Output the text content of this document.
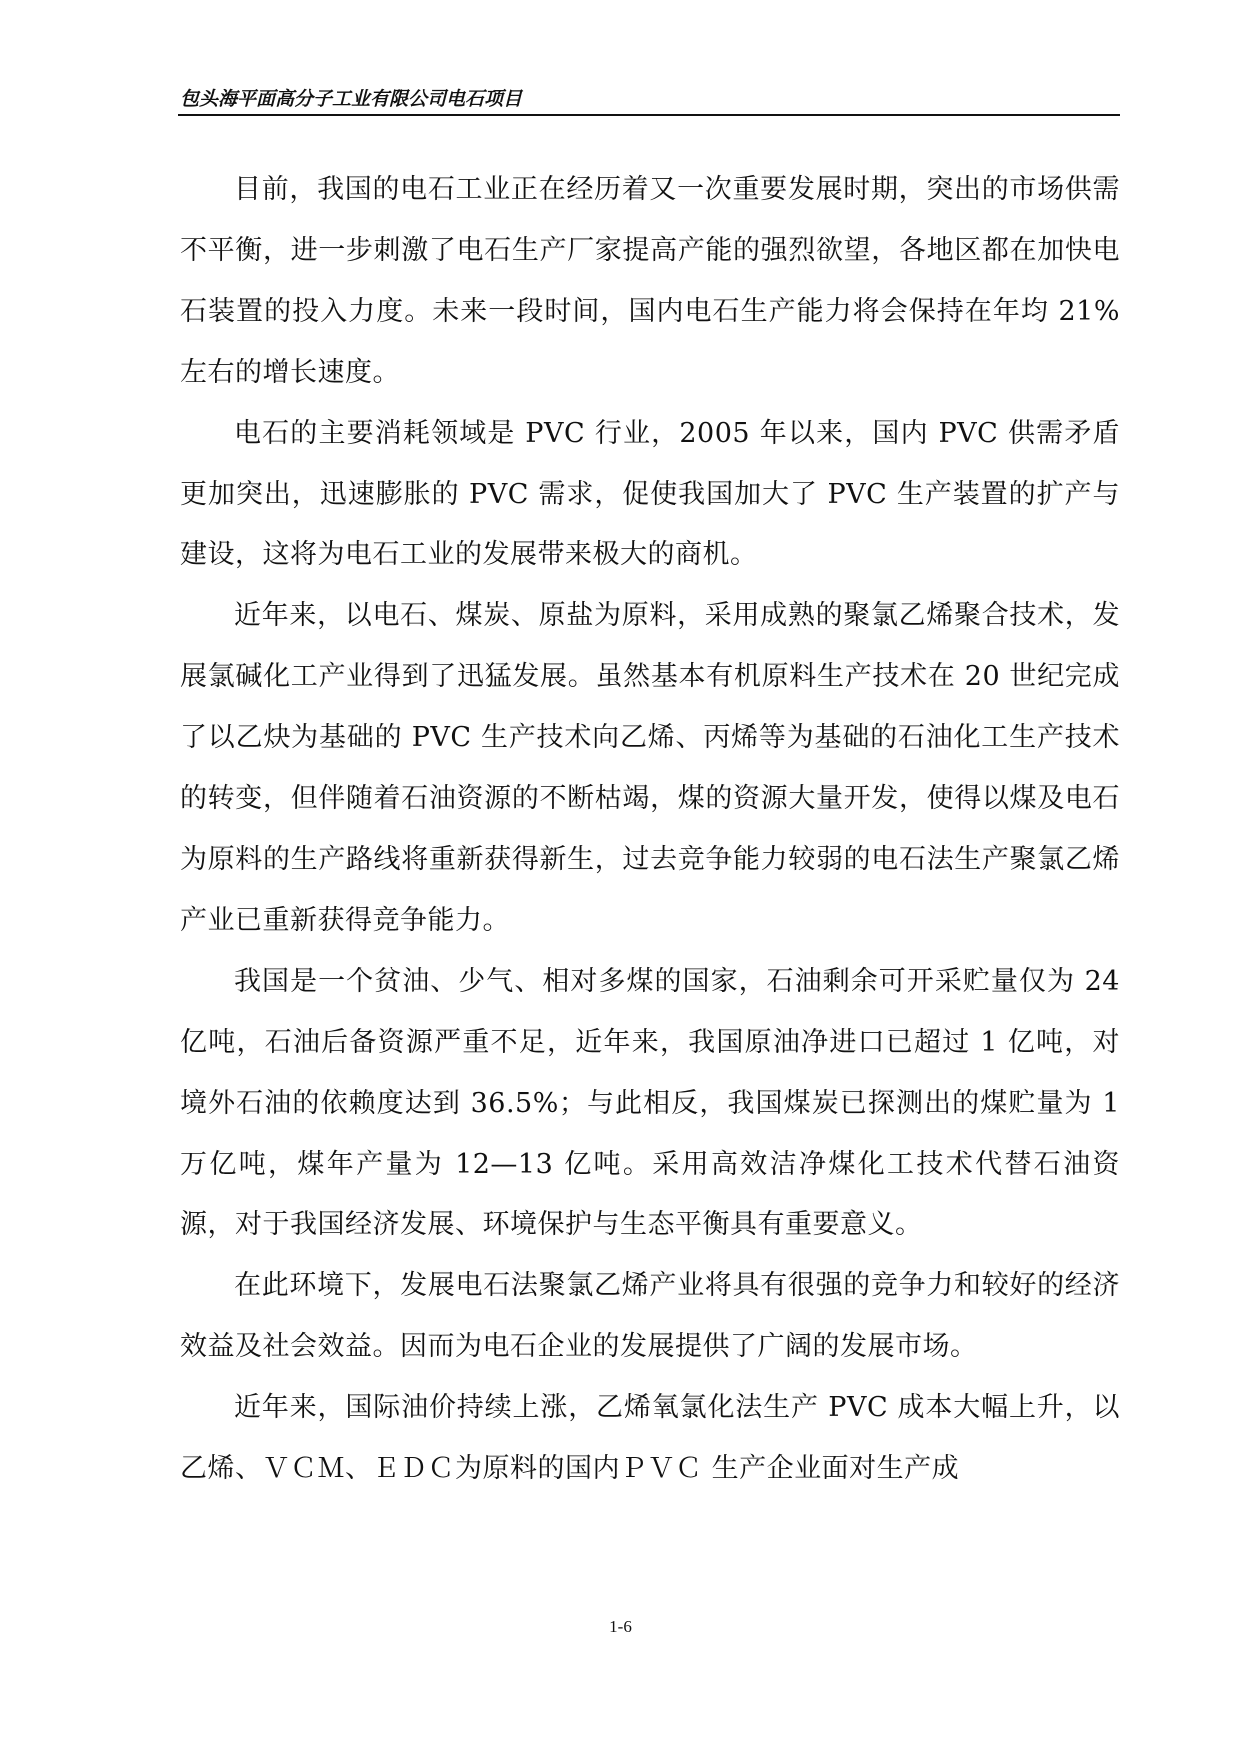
包头海平面高分子工业有限公司电石项目

目前，我国的电石工业正在经历着又一次重要发展时期，突出的市场供需不平衡，进一步刺激了电石生产厂家提高产能的强烈欲望，各地区都在加快电石装置的投入力度。未来一段时间，国内电石生产能力将会保持在年均 21%左右的增长速度。

电石的主要消耗领域是 PVC 行业，2005 年以来，国内 PVC 供需矛盾更加突出，迅速膨胀的 PVC 需求，促使我国加大了 PVC 生产装置的扩产与建设，这将为电石工业的发展带来极大的商机。

近年来，以电石、煤炭、原盐为原料，采用成熟的聚氯乙烯聚合技术，发展氯碱化工产业得到了迅猛发展。虽然基本有机原料生产技术在 20 世纪完成了以乙炔为基础的 PVC 生产技术向乙烯、丙烯等为基础的石油化工生产技术的转变，但伴随着石油资源的不断枯竭，煤的资源大量开发，使得以煤及电石为原料的生产路线将重新获得新生，过去竞争能力较弱的电石法生产聚氯乙烯产业已重新获得竞争能力。

我国是一个贫油、少气、相对多煤的国家，石油剩余可开采贮量仅为 24 亿吨，石油后备资源严重不足，近年来，我国原油净进口已超过 1 亿吨，对境外石油的依赖度达到 36.5%；与此相反，我国煤炭已探测出的煤贮量为 1 万亿吨，煤年产量为 12—13 亿吨。采用高效洁净煤化工技术代替石油资源，对于我国经济发展、环境保护与生态平衡具有重要意义。

在此环境下，发展电石法聚氯乙烯产业将具有很强的竞争力和较好的经济效益及社会效益。因而为电石企业的发展提供了广阔的发展市场。

近年来，国际油价持续上涨，乙烯氧氯化法生产 PVC 成本大幅上升，以乙烯、ＶＣＭ、ＥＤＣ为原料的国内ＰＶＣ 生产企业面对生产成

1-6
